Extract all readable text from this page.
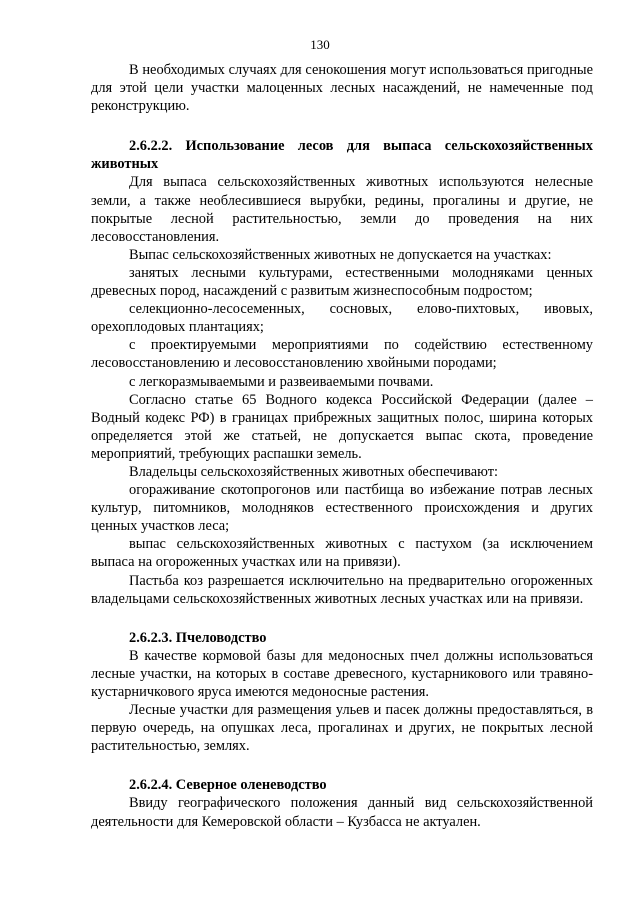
130

В необходимых случаях для сенокошения могут использоваться пригодные для этой цели участки малоценных лесных насаждений, не намеченные под реконструкцию.

2.6.2.2. Использование лесов для выпаса сельскохозяйственных животных

Для выпаса сельскохозяйственных животных используются нелесные земли, а также необлесившиеся вырубки, редины, прогалины и другие, не покрытые лесной растительностью, земли до проведения на них лесовосстановления.

Выпас сельскохозяйственных животных не допускается на участках:

занятых лесными культурами, естественными молодняками ценных древесных пород, насаждений с развитым жизнеспособным подростом;

селекционно-лесосеменных, сосновых, елово-пихтовых, ивовых, орехоплодовых плантациях;

с проектируемыми мероприятиями по содействию естественному лесовосстановлению и лесовосстановлению хвойными породами;

с легкоразмываемыми и развеиваемыми почвами.

Согласно статье 65 Водного кодекса Российской Федерации (далее – Водный кодекс РФ) в границах прибрежных защитных полос, ширина которых определяется этой же статьей, не допускается выпас скота, проведение мероприятий, требующих распашки земель.

Владельцы сельскохозяйственных животных обеспечивают:

огораживание скотопрогонов или пастбища во избежание потрав лесных культур, питомников, молодняков естественного происхождения и других ценных участков леса;

выпас сельскохозяйственных животных с пастухом (за исключением выпаса на огороженных участках или на привязи).

Пастьба коз разрешается исключительно на предварительно огороженных владельцами сельскохозяйственных животных лесных участках или на привязи.

2.6.2.3. Пчеловодство

В качестве кормовой базы для медоносных пчел должны использоваться лесные участки, на которых в составе древесного, кустарникового или травяно-кустарничкового яруса имеются медоносные растения.

Лесные участки для размещения ульев и пасек должны предоставляться, в первую очередь, на опушках леса, прогалинах и других, не покрытых лесной растительностью, землях.

2.6.2.4. Северное оленеводство

Ввиду географического положения данный вид сельскохозяйственной деятельности для Кемеровской области – Кузбасса не актуален.
